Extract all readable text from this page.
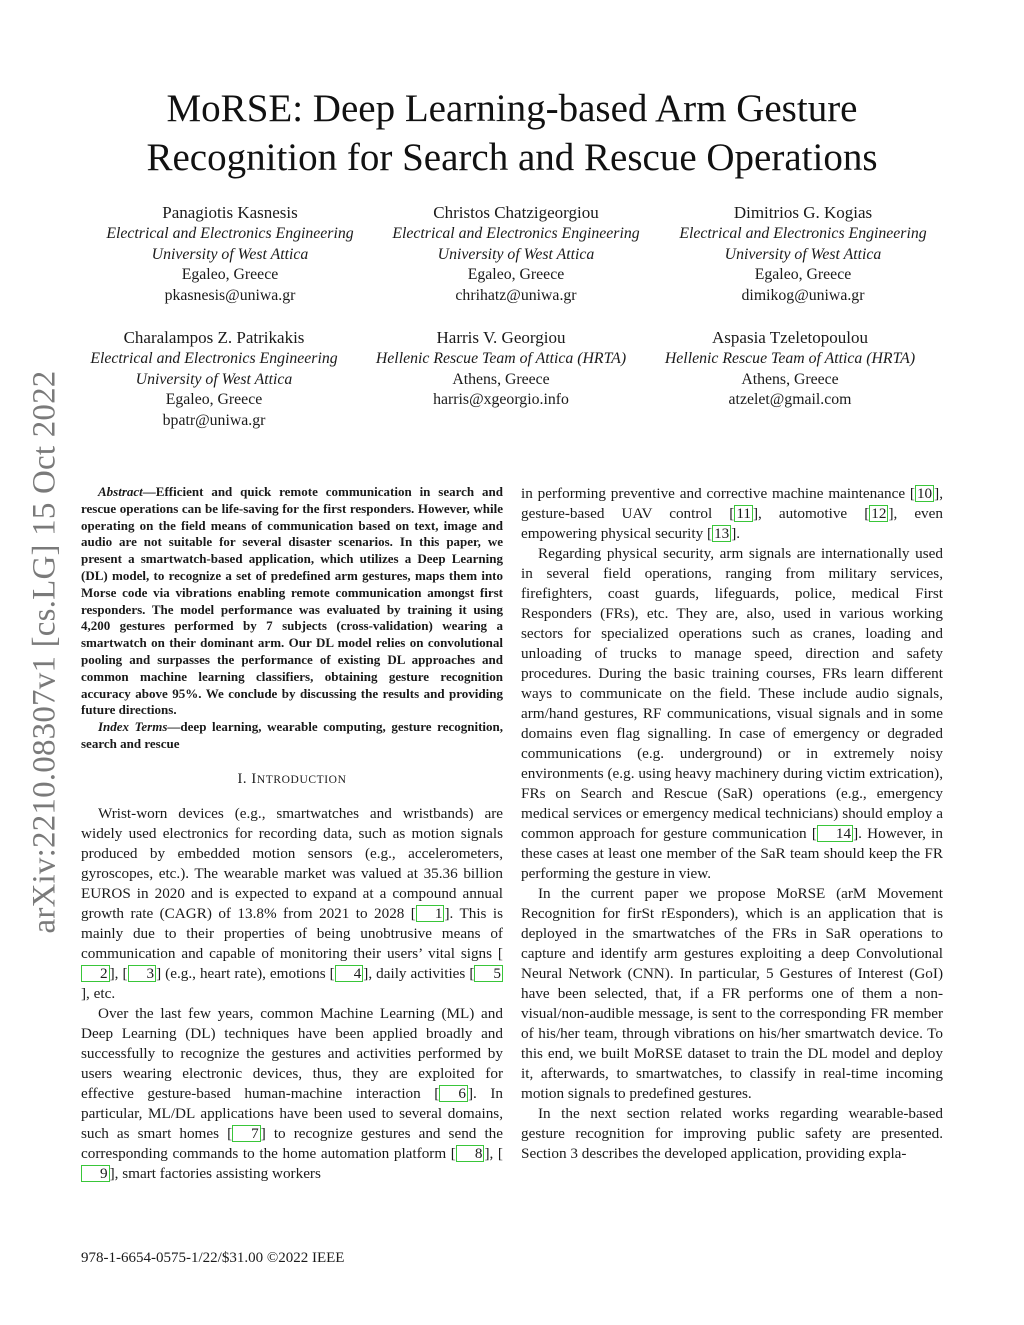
arXiv:2210.08307v1 [cs.LG] 15 Oct 2022
MoRSE: Deep Learning-based Arm Gesture
Recognition for Search and Rescue Operations
Panagiotis Kasnesis
Electrical and Electronics Engineering
University of West Attica
Egaleo, Greece
pkasnesis@uniwa.gr
Christos Chatzigeorgiou
Electrical and Electronics Engineering
University of West Attica
Egaleo, Greece
chrihatz@uniwa.gr
Dimitrios G. Kogias
Electrical and Electronics Engineering
University of West Attica
Egaleo, Greece
dimikog@uniwa.gr
Charalampos Z. Patrikakis
Electrical and Electronics Engineering
University of West Attica
Egaleo, Greece
bpatr@uniwa.gr
Harris V. Georgiou
Hellenic Rescue Team of Attica (HRTA)
Athens, Greece
harris@xgeorgio.info
Aspasia Tzeletopoulou
Hellenic Rescue Team of Attica (HRTA)
Athens, Greece
atzelet@gmail.com

Abstract—Efficient and quick remote communication in search and rescue operations can be life-saving for the first responders. However, while operating on the field means of communication based on text, image and audio are not suitable for several disaster scenarios. In this paper, we present a smartwatch-based application, which utilizes a Deep Learning (DL) model, to recognize a set of predefined arm gestures, maps them into Morse code via vibrations enabling remote communication amongst first responders. The model performance was evaluated by training it using 4,200 gestures performed by 7 subjects (cross-validation) wearing a smartwatch on their dominant arm. Our DL model relies on convolutional pooling and surpasses the performance of existing DL approaches and common machine learning classifiers, obtaining gesture recognition accuracy above 95%. We conclude by discussing the results and providing future directions.

Index Terms—deep learning, wearable computing, gesture recognition, search and rescue

I. INTRODUCTION

Wrist-worn devices (e.g., smartwatches and wristbands) are widely used electronics for recording data, such as motion signals produced by embedded motion sensors (e.g., accelerometers, gyroscopes, etc.). The wearable market was valued at 35.36 billion EUROS in 2020 and is expected to expand at a compound annual growth rate (CAGR) of 13.8% from 2021 to 2028 [ 1 ]. This is mainly due to their properties of being unobtrusive means of communication and capable of monitoring their users’ vital signs [2 ], [ 3 ] (e.g., heart rate), emotions [ 4 ], daily activities [ 5], etc.

Over the last few years, common Machine Learning (ML) and Deep Learning (DL) techniques have been applied broadly and successfully to recognize the gestures and activities performed by users wearing electronic devices, thus, they are exploited for effective gesture-based human-machine interaction [ 6 ]. In particular, ML/DL applications have been used to several domains, such as smart homes [ 7 ] to recognize gestures and send the corresponding commands to the home automation platform [ 8 ], [9 ], smart factories assisting workers

in performing preventive and corrective machine maintenance [ 10 ], gesture-based UAV control [ 11 ], automotive [ 12 ], even empowering physical security [ 13 ].

Regarding physical security, arm signals are internationally used in several field operations, ranging from military services, firefighters, coast guards, lifeguards, police, medical First Responders (FRs), etc. They are, also, used in various working sectors for specialized operations such as cranes, loading and unloading of trucks to manage speed, direction and safety procedures. During the basic training courses, FRs learn different ways to communicate on the field. These include audio signals, arm/hand gestures, RF communications, visual signals and in some domains even flag signalling. In case of emergency or degraded communications (e.g. underground) or in extremely noisy environments (e.g. using heavy machinery during victim extrication), FRs on Search and Rescue (SaR) operations (e.g., emergency medical services or emergency medical technicians) should employ a common approach for gesture communication [ 14 ]. However, in these cases at least one member of the SaR team should keep the FR performing the gesture in view.

In the current paper we propose MoRSE (arM Movement Recognition for firSt rEsponders), which is an application that is deployed in the smartwatches of the FRs in SaR operations to capture and identify arm gestures exploiting a deep Convolutional Neural Network (CNN). In particular, 5 Gestures of Interest (GoI) have been selected, that, if a FR performs one of them a non-visual/non-audible message, is sent to the corresponding FR member of his/her team, through vibrations on his/her smartwatch device. To this end, we built MoRSE dataset to train the DL model and deploy it, afterwards, to smartwatches, to classify in real-time incoming motion signals to predefined gestures.

In the next section related works regarding wearable-based gesture recognition for improving public safety are presented. Section 3 describes the developed application, providing expla-

978-1-6654-0575-1/22/$31.00 ©2022 IEEE
